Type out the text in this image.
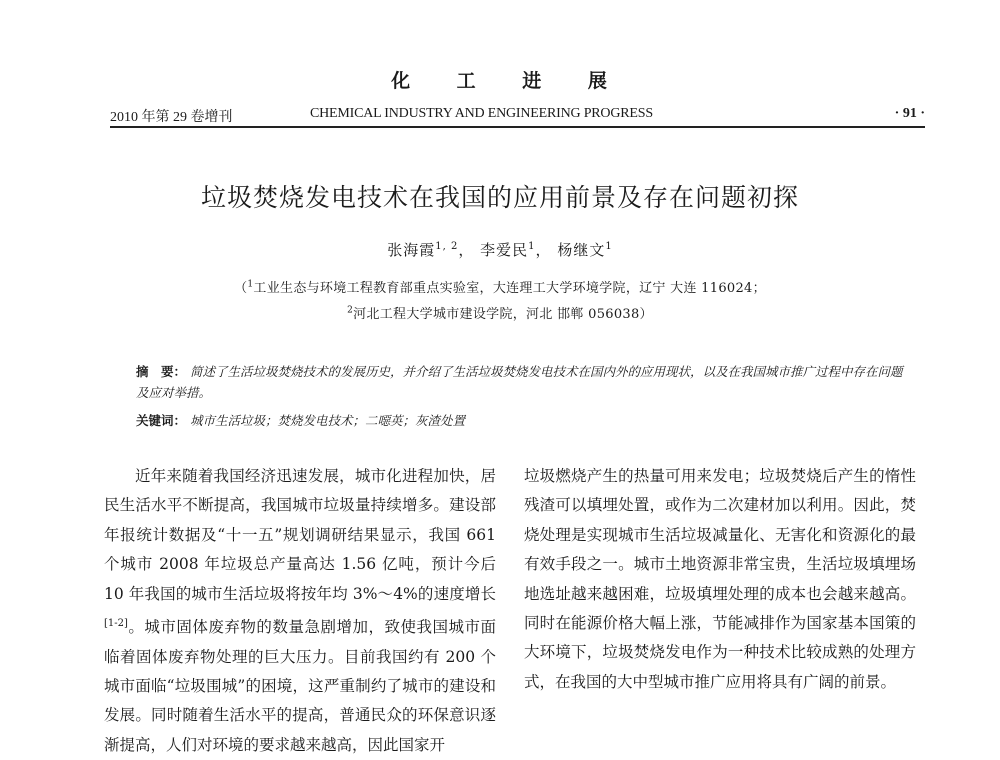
化 工 进 展
2010 年第 29 卷增刊	CHEMICAL INDUSTRY AND ENGINEERING PROGRESS	· 91 ·
垃圾焚烧发电技术在我国的应用前景及存在问题初探
张海霞$^{1, 2}$， 李爱民$^1$， 杨继文$^1$
（$^1$工业生态与环境工程教育部重点实验室，大连理工大学环境学院，辽宁 大连 116024；
$^2$河北工程大学城市建设学院，河北 邯郸 056038）
摘　要： 简述了生活垃圾焚烧技术的发展历史，并介绍了生活垃圾焚烧发电技术在国内外的应用现状，以及在我国城市推广过程中存在问题及应对举措。
关键词： 城市生活垃圾；焚烧发电技术；二噁英；灰渣处置
近年来随着我国经济迅速发展，城市化进程加快，居民生活水平不断提高，我国城市垃圾量持续增多。建设部年报统计数据及“十一五”规划调研结果显示，我国 661 个城市 2008 年垃圾总产量高达 1.56 亿吨，预计今后 10 年我国的城市生活垃圾将按年均 3%～4%的速度增长[1-2]。城市固体废弃物的数量急剧增加，致使我国城市面临着固体废弃物处理的巨大压力。目前我国约有 200 个城市面临“垃圾围城”的困境，这严重制约了城市的建设和发展。同时随着生活水平的提高，普通民众的环保意识逐渐提高，人们对环境的要求越来越高，因此国家开
垃圾燃烧产生的热量可用来发电；垃圾焚烧后产生的惰性残渣可以填埋处置，或作为二次建材加以利用。因此，焚烧处理是实现城市生活垃圾减量化、无害化和资源化的最有效手段之一。城市土地资源非常宝贵，生活垃圾填埋场地选址越来越困难，垃圾填埋处理的成本也会越来越高。同时在能源价格大幅上涨，节能减排作为国家基本国策的大环境下，垃圾焚烧发电作为一种技术比较成熟的处理方式，在我国的大中型城市推广应用将具有广阔的前景。
